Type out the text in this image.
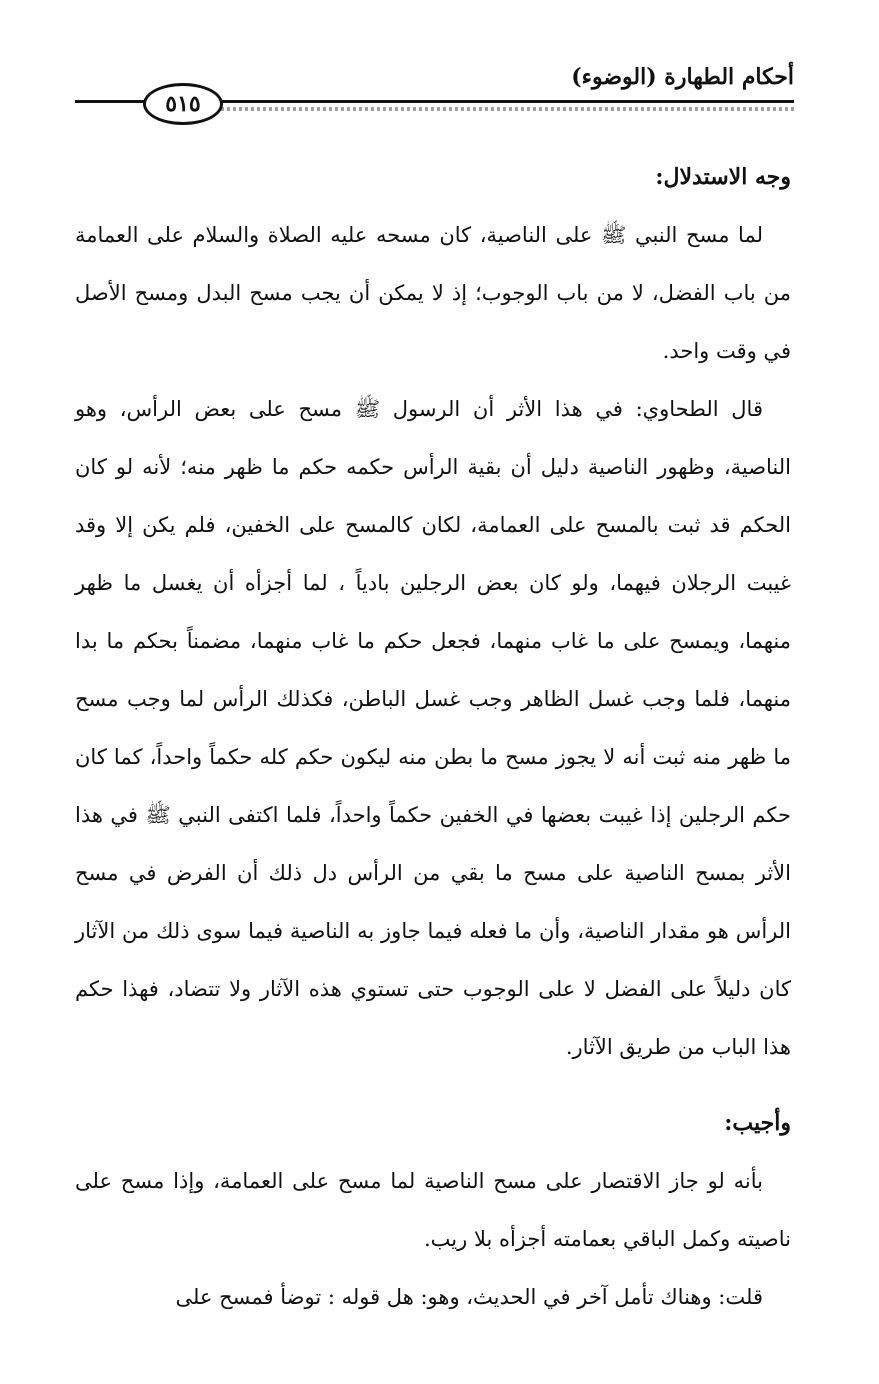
أحكام الطهارة (الوضوء)
٥١٥

وجه الاستدلال:

لما مسح النبي ﷺ على الناصية، كان مسحه عليه الصلاة والسلام على العمامة من باب الفضل، لا من باب الوجوب؛ إذ لا يمكن أن يجب مسح البدل ومسح الأصل في وقت واحد.

قال الطحاوي: في هذا الأثر أن الرسول ﷺ مسح على بعض الرأس، وهو الناصية، وظهور الناصية دليل أن بقية الرأس حكمه حكم ما ظهر منه؛ لأنه لو كان الحكم قد ثبت بالمسح على العمامة، لكان كالمسح على الخفين، فلم يكن إلا وقد غيبت الرجلان فيهما، ولو كان بعض الرجلين بادياً ، لما أجزأه أن يغسل ما ظهر منهما، ويمسح على ما غاب منهما، فجعل حكم ما غاب منهما، مضمناً بحكم ما بدا منهما، فلما وجب غسل الظاهر وجب غسل الباطن، فكذلك الرأس لما وجب مسح ما ظهر منه ثبت أنه لا يجوز مسح ما بطن منه ليكون حكم كله حكماً واحداً، كما كان حكم الرجلين إذا غيبت بعضها في الخفين حكماً واحداً، فلما اكتفى النبي ﷺ في هذا الأثر بمسح الناصية على مسح ما بقي من الرأس دل ذلك أن الفرض في مسح الرأس هو مقدار الناصية، وأن ما فعله فيما جاوز به الناصية فيما سوى ذلك من الآثار كان دليلاً على الفضل لا على الوجوب حتى تستوي هذه الآثار ولا تتضاد، فهذا حكم هذا الباب من طريق الآثار.

وأجيب:

بأنه لو جاز الاقتصار على مسح الناصية لما مسح على العمامة، وإذا مسح على ناصيته وكمل الباقي بعمامته أجزأه بلا ريب.

قلت: وهناك تأمل آخر في الحديث، وهو: هل قوله : توضأ فمسح على
